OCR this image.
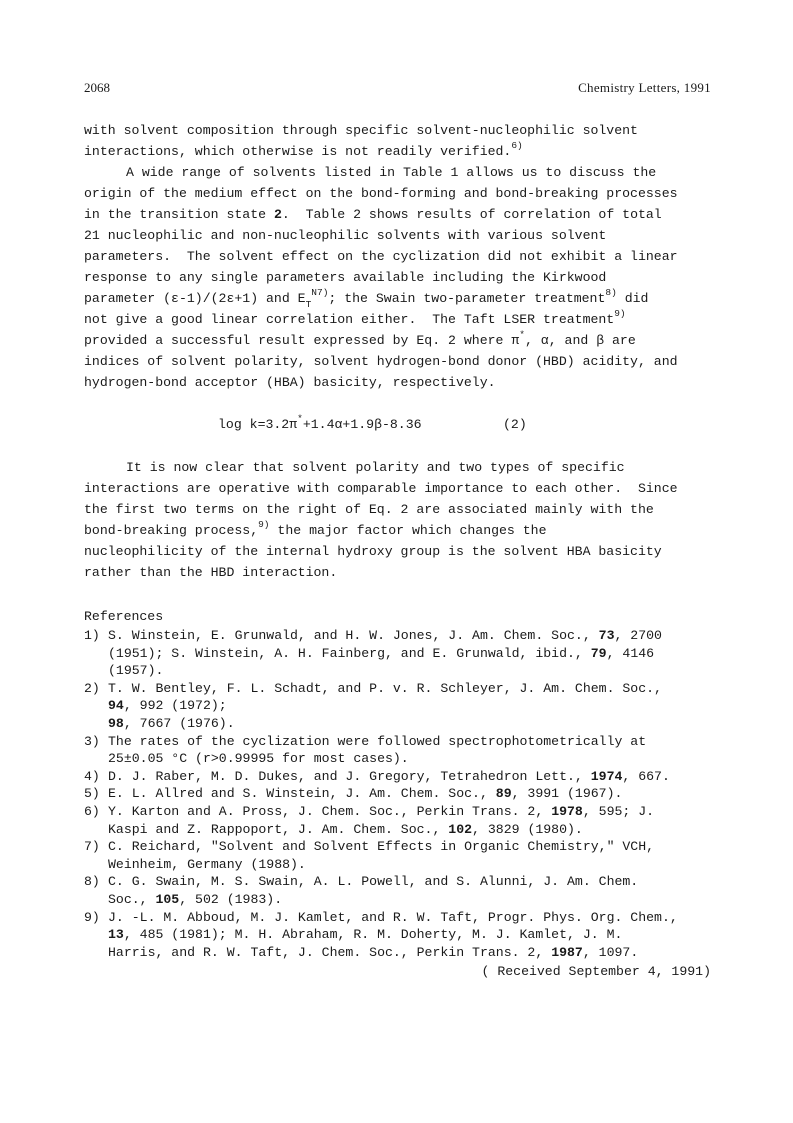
2068	Chemistry Letters, 1991
with solvent composition through specific solvent-nucleophilic solvent
interactions, which otherwise is not readily verified.$^{6)}$
A wide range of solvents listed in Table 1 allows us to discuss the
origin of the medium effect on the bond-forming and bond-breaking processes
in the transition state 2.  Table 2 shows results of correlation of total
21 nucleophilic and non-nucleophilic solvents with various solvent
parameters.  The solvent effect on the cyclization did not exhibit a linear
response to any single parameters available including the Kirkwood
parameter (ε-1)/(2ε+1) and $E_T^{N7)}$; the Swain two-parameter treatment$^{8)}$ did
not give a good linear correlation either.  The Taft LSER treatment$^{9)}$
provided a successful result expressed by Eq. 2 where π*, α, and β are
indices of solvent polarity, solvent hydrogen-bond donor (HBD) acidity, and
hydrogen-bond acceptor (HBA) basicity, respectively.
log k=3.2π*+1.4α+1.9β-8.36	(2)
It is now clear that solvent polarity and two types of specific
interactions are operative with comparable importance to each other.  Since
the first two terms on the right of Eq. 2 are associated mainly with the
bond-breaking process,$^{9)}$ the major factor which changes the
nucleophilicity of the internal hydroxy group is the solvent HBA basicity
rather than the HBD interaction.
References
1) S. Winstein, E. Grunwald, and H. W. Jones, J. Am. Chem. Soc., 73, 2700
(1951); S. Winstein, A. H. Fainberg, and E. Grunwald, ibid., 79, 4146
(1957).
2) T. W. Bentley, F. L. Schadt, and P. v. R. Schleyer, J. Am. Chem. Soc.,
94, 992 (1972);
98, 7667 (1976).
3) The rates of the cyclization were followed spectrophotometrically at
25±0.05 °C (r>0.99995 for most cases).
4) D. J. Raber, M. D. Dukes, and J. Gregory, Tetrahedron Lett., 1974, 667.
5) E. L. Allred and S. Winstein, J. Am. Chem. Soc., 89, 3991 (1967).
6) Y. Karton and A. Pross, J. Chem. Soc., Perkin Trans. 2, 1978, 595; J.
Kaspi and Z. Rappoport, J. Am. Chem. Soc., 102, 3829 (1980).
7) C. Reichard, "Solvent and Solvent Effects in Organic Chemistry," VCH,
Weinheim, Germany (1988).
8) C. G. Swain, M. S. Swain, A. L. Powell, and S. Alunni, J. Am. Chem.
Soc., 105, 502 (1983).
9) J. -L. M. Abboud, M. J. Kamlet, and R. W. Taft, Progr. Phys. Org. Chem.,
13, 485 (1981); M. H. Abraham, R. M. Doherty, M. J. Kamlet, J. M.
Harris, and R. W. Taft, J. Chem. Soc., Perkin Trans. 2, 1987, 1097.
( Received September 4, 1991)
